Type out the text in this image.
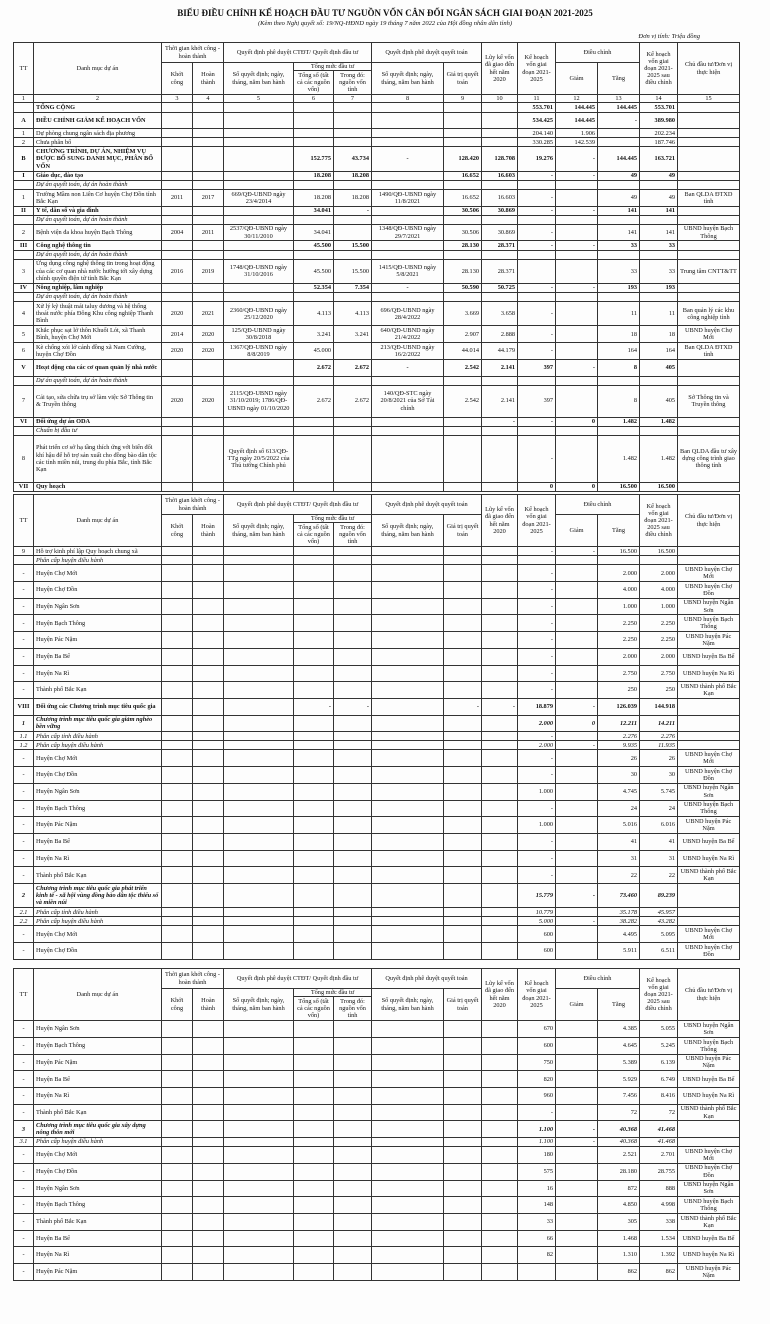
BIỂU ĐIỀU CHỈNH KẾ HOẠCH ĐẦU TƯ NGUỒN VỐN CÂN ĐỐI NGÂN SÁCH GIAI ĐOẠN 2021-2025
(Kèm theo Nghị quyết số: 19/NQ-HĐND ngày 19 tháng 7 năm 2022 của Hội đồng nhân dân tỉnh)
Đơn vị tính: Triệu đồng
TT	Danh mục dự án	Thời gian khởi công - hoàn thành		Quyết định phê duyệt CTĐT/ Quyết định đầu tư			Quyết định phê duyệt quyết toán		Lũy kế vốn đã giao đến hết năm 2020	Kế hoạch vốn giai đoạn 2021-2025	Điều chỉnh		Kế hoạch vốn giai đoạn 2021-2025 sau điều chỉnh	Chủ đầu tư/Đơn vị thực hiện
		Khởi công	Hoàn thành	Số quyết định; ngày, tháng, năm ban hành	Tổng mức đầu tư		Số quyết định; ngày, tháng, năm ban hành	Giá trị quyết toán			Giảm	Tăng		
					Tổng số (tất cả các nguồn vốn)	Trong đó: nguồn vốn tỉnh								
1	2	3	4	5	6	7	8	9	10	11	12	13	14	15
	TỔNG CỘNG									553.701	144.445	144.445	553.701	
A	ĐIỀU CHỈNH GIẢM KẾ HOẠCH VỐN									534.425	144.445	-	389.980	
1	Dự phòng chung ngân sách địa phương									204.140	1.906		202.234	
2	Chưa phân bổ									330.285	142.539		187.746	
B	CHƯƠNG TRÌNH, DỰ ÁN, NHIỆM VỤ ĐƯỢC BỔ SUNG DANH MỤC, PHÂN BỔ VỐN				152.775	43.734	-	128.420	128.708	19.276	-	144.445	163.721	
I	Giáo dục, đào tạo				18.208	18.208		16.652	16.603	-	-	49	49	
	Dự án quyết toán, dự án hoàn thành													
1	Trường Mầm non Liên Cơ huyện Chợ Đồn tỉnh Bắc Kạn	2011	2017	669/QĐ-UBND ngày 23/4/2014	18.208	18.208	1490/QĐ-UBND ngày 11/8/2021	16.652	16.603	-		49	49	Ban QLDA ĐTXD tỉnh
II	Y tế, dân số và gia đình				34.041	-		30.506	30.869	-	-	141	141	
	Dự án quyết toán, dự án hoàn thành													
2	Bệnh viện đa khoa huyện Bạch Thông	2004	2011	2537/QĐ-UBND ngày 30/11/2010	34.041		1348/QĐ-UBND ngày 29/7/2021	30.506	30.869	-		141	141	UBND huyện Bạch Thông
III	Công nghệ thông tin				45.500	15.500		28.130	28.371	-	-	33	33	
	Dự án quyết toán, dự án hoàn thành													
3	Ứng dụng công nghệ thông tin trong hoạt động của các cơ quan nhà nước hướng tới xây dựng chính quyền điện tử tỉnh Bắc Kạn	2016	2019	1748/QĐ-UBND ngày 31/10/2016	45.500	15.500	1415/QĐ-UBND ngày 5/8/2021	28.130	28.371			33	33	Trung tâm CNTT&TT
IV	Nông nghiệp, lâm nghiệp				52.354	7.354	-	50.590	50.725	-	-	193	193	
	Dự án quyết toán, dự án hoàn thành													
4	Xử lý kỹ thuật mái taluy dương và hệ thống thoát nước phía Đông Khu công nghiệp Thanh Bình	2020	2021	2360/QĐ-UBND ngày 25/12/2020	4.113	4.113	696/QĐ-UBND ngày 28/4/2022	3.669	3.658	-		11	11	Ban quản lý các khu công nghiệp tỉnh
5	Khắc phục sạt lở thôn Khuổi Lót, xã Thanh Bình, huyện Chợ Mới	2014	2020	125/QĐ-UBND ngày 30/8/2018	3.241	3.241	640/QĐ-UBND ngày 21/4/2022	2.907	2.888	-		18	18	UBND huyện Chợ Mới
6	Kè chống xói lở cánh đồng xã Nam Cường, huyện Chợ Đồn	2020	2020	1367/QĐ-UBND ngày 8/8/2019	45.000		213/QĐ-UBND ngày 16/2/2022	44.014	44.179	-		164	164	Ban QLDA ĐTXD tỉnh
V	Hoạt động của các cơ quan quản lý nhà nước				2.672	2.672	-	2.542	2.141	397	-	8	405	
	Dự án quyết toán, dự án hoàn thành													
7	Cải tạo, sửa chữa trụ sở làm việc Sở Thông tin & Truyền thông	2020	2020	2115/QĐ-UBND ngày 31/10/2019; 1786/QĐ-UBND ngày 01/10/2020	2.672	2.672	140/QĐ-STC ngày 20/8/2021 của Sở Tài chính	2.542	2.141	397		8	405	Sở Thông tin và Truyền thông
VI	Đối ứng dự án ODA								-	-	0	1.482	1.482	
	Chuẩn bị đầu tư													
8	Phát triển cơ sở hạ tầng thích ứng với biến đổi khí hậu để hỗ trợ sản xuất cho đồng bào dân tộc các tỉnh miền núi, trung du phía Bắc, tỉnh Bắc Kạn			Quyết định số 613/QĐ-TTg ngày 20/5/2022 của Thủ tướng Chính phủ						-		1.482	1.482	Ban QLDA đầu tư xây dựng công trình giao thông tỉnh
VII	Quy hoạch									0	0	16.500	16.500	
TT	Danh mục dự án	Thời gian khởi công - hoàn thành		Quyết định phê duyệt CTĐT/ Quyết định đầu tư			Quyết định phê duyệt quyết toán		Lũy kế vốn đã giao đến hết năm 2020	Kế hoạch vốn giai đoạn 2021-2025	Điều chỉnh		Kế hoạch vốn giai đoạn 2021-2025 sau điều chỉnh	Chủ đầu tư/Đơn vị thực hiện
		Khởi công	Hoàn thành	Số quyết định; ngày, tháng, năm ban hành	Tổng mức đầu tư		Số quyết định; ngày, tháng, năm ban hành	Giá trị quyết toán			Giảm	Tăng		
					Tổng số (tất cả các nguồn vốn)	Trong đó: nguồn vốn tỉnh								
9	Hỗ trợ kinh phí lập Quy hoạch chung xã									-	-	16.500	16.500	
	Phân cấp huyện điều hành													
-	Huyện Chợ Mới									-		2.000	2.000	UBND huyện Chợ Mới
-	Huyện Chợ Đồn									-		4.000	4.000	UBND huyện Chợ Đồn
-	Huyện Ngân Sơn									-		1.000	1.000	UBND huyện Ngân Sơn
-	Huyện Bạch Thông									-		2.250	2.250	UBND huyện Bạch Thông
-	Huyện Pác Nặm									-		2.250	2.250	UBND huyện Pác Nặm
-	Huyện Ba Bể									-		2.000	2.000	UBND huyện Ba Bể
-	Huyện Na Rì									-		2.750	2.750	UBND huyện Na Rì
-	Thành phố Bắc Kạn									-		250	250	UBND thành phố Bắc Kạn
VIII	Đối ứng các Chương trình mục tiêu quốc gia				-	-		-	-	18.879	-	126.039	144.918	
1	Chương trình mục tiêu quốc gia giảm nghèo bền vững									2.000	0	12.211	14.211	
1.1	Phân cấp tỉnh điều hành									-		2.276	2.276	
1.2	Phân cấp huyện điều hành									2.000	-	9.935	11.935	
-	Huyện Chợ Mới									-		26	26	UBND huyện Chợ Mới
-	Huyện Chợ Đồn									-		30	30	UBND huyện Chợ Đồn
-	Huyện Ngân Sơn									1.000		4.745	5.745	UBND huyện Ngân Sơn
-	Huyện Bạch Thông									-		24	24	UBND huyện Bạch Thông
-	Huyện Pác Nặm									1.000		5.016	6.016	UBND huyện Pác Nặm
-	Huyện Ba Bể									-		41	41	UBND huyện Ba Bể
-	Huyện Na Rì									-		31	31	UBND huyện Na Rì
-	Thành phố Bắc Kạn									-		22	22	UBND thành phố Bắc Kạn
2	Chương trình mục tiêu quốc gia phát triển kinh tế - xã hội vùng đồng bào dân tộc thiểu số và miền núi									15.779	-	73.460	89.239	
2.1	Phân cấp tỉnh điều hành									10.779		35.178	45.957	
2.2	Phân cấp huyện điều hành									5.000	-	38.282	43.282	
-	Huyện Chợ Mới									600		4.495	5.095	UBND huyện Chợ Mới
-	Huyện Chợ Đồn									600		5.911	6.511	UBND huyện Chợ Đồn
TT	Danh mục dự án	Thời gian khởi công - hoàn thành		Quyết định phê duyệt CTĐT/ Quyết định đầu tư			Quyết định phê duyệt quyết toán		Lũy kế vốn đã giao đến hết năm 2020	Kế hoạch vốn giai đoạn 2021-2025	Điều chỉnh		Kế hoạch vốn giai đoạn 2021-2025 sau điều chỉnh	Chủ đầu tư/Đơn vị thực hiện
		Khởi công	Hoàn thành	Số quyết định; ngày, tháng, năm ban hành	Tổng mức đầu tư		Số quyết định; ngày, tháng, năm ban hành	Giá trị quyết toán			Giảm	Tăng		
					Tổng số (tất cả các nguồn vốn)	Trong đó: nguồn vốn tỉnh								
-	Huyện Ngân Sơn									670		4.385	5.055	UBND huyện Ngân Sơn
-	Huyện Bạch Thông									600		4.645	5.245	UBND huyện Bạch Thông
-	Huyện Pác Nặm									750		5.389	6.139	UBND huyện Pác Nặm
-	Huyện Ba Bể									820		5.929	6.749	UBND huyện Ba Bể
-	Huyện Na Rì									960		7.456	8.416	UBND huyện Na Rì
-	Thành phố Bắc Kạn									-		72	72	UBND thành phố Bắc Kạn
3	Chương trình mục tiêu quốc gia xây dựng nông thôn mới									1.100	-	40.368	41.468	
3.1	Phân cấp huyện điều hành									1.100	-	40.368	41.468	
-	Huyện Chợ Mới									180		2.521	2.701	UBND huyện Chợ Mới
-	Huyện Chợ Đồn									575		28.180	28.755	UBND huyện Chợ Đồn
-	Huyện Ngân Sơn									16		872	888	UBND huyện Ngân Sơn
-	Huyện Bạch Thông									148		4.850	4.998	UBND huyện Bạch Thông
-	Thành phố Bắc Kạn									33		305	338	UBND thành phố Bắc Kạn
-	Huyện Ba Bể									66		1.468	1.534	UBND huyện Ba Bể
-	Huyện Na Rì									82		1.310	1.392	UBND huyện Na Rì
-	Huyện Pác Nặm											862	862	UBND huyện Pác Nặm
